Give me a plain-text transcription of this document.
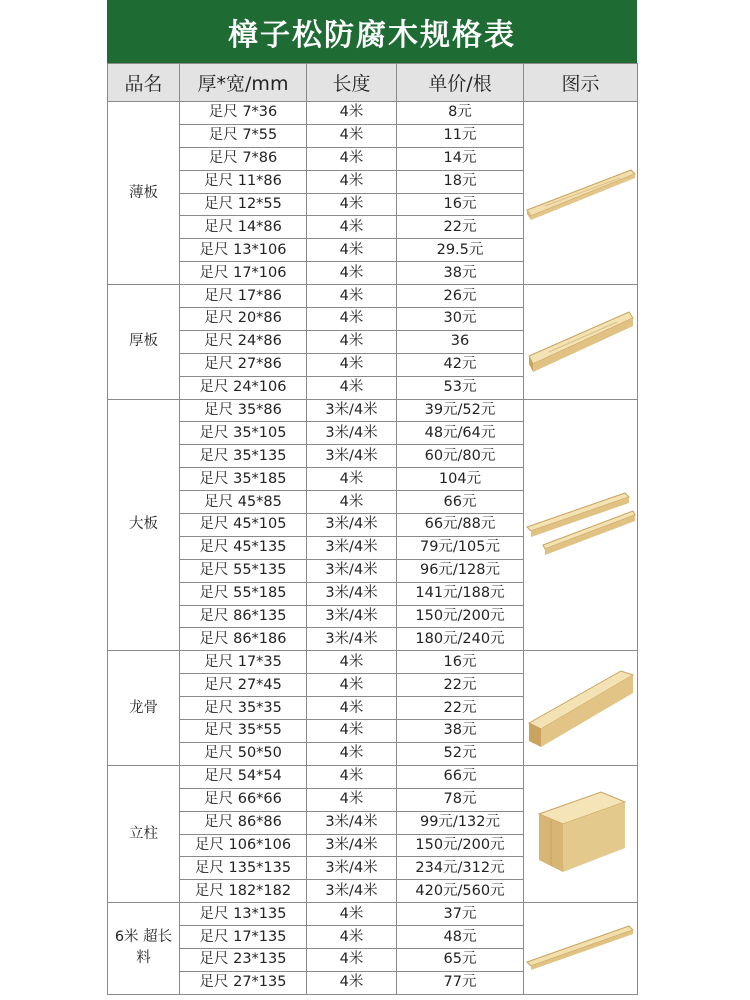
樟子松防腐木规格表
品名	厚*宽/mm	长度	单价/根	图示
薄板	足尺 7*36	4米	8元	

	足尺 7*55	4米	11元	
	足尺 7*86	4米	14元	
	足尺 11*86	4米	18元	
	足尺 12*55	4米	16元	
	足尺 14*86	4米	22元	
	足尺 13*106	4米	29.5元	
	足尺 17*106	4米	38元	
厚板	足尺 17*86	4米	26元	

	足尺 20*86	4米	30元	
	足尺 24*86	4米	36	
	足尺 27*86	4米	42元	
	足尺 24*106	4米	53元	
大板	足尺 35*86	3米/4米	39元/52元	

	足尺 35*105	3米/4米	48元/64元	
	足尺 35*135	3米/4米	60元/80元	
	足尺 35*185	4米	104元	
	足尺 45*85	4米	66元	
	足尺 45*105	3米/4米	66元/88元	
	足尺 45*135	3米/4米	79元/105元	
	足尺 55*135	3米/4米	96元/128元	
	足尺 55*185	3米/4米	141元/188元	
	足尺 86*135	3米/4米	150元/200元	
	足尺 86*186	3米/4米	180元/240元	
龙骨	足尺 17*35	4米	16元	

	足尺 27*45	4米	22元	
	足尺 35*35	4米	22元	
	足尺 35*55	4米	38元	
	足尺 50*50	4米	52元	
立柱	足尺 54*54	4米	66元	

	足尺 66*66	4米	78元	
	足尺 86*86	3米/4米	99元/132元	
	足尺 106*106	3米/4米	150元/200元	
	足尺 135*135	3米/4米	234元/312元	
	足尺 182*182	3米/4米	420元/560元	
6米 超长料	足尺 13*135	4米	37元	

	足尺 17*135	4米	48元	
	足尺 23*135	4米	65元	
	足尺 27*135	4米	77元	
